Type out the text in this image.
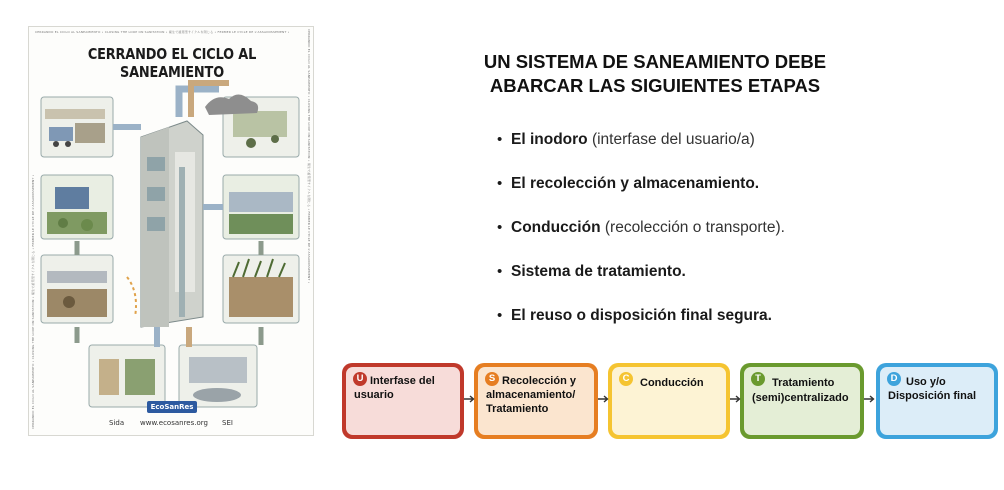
CERRANDO EL CICLO AL SANEAMIENTO • CLOSING THE LOOP ON SANITATION • 衛生で循環型サイクルを閉じる • FERMER LE CYCLE DE L'ASSAINISSEMENT •
CERRANDO EL CICLO AL SANEAMIENTO • CLOSING THE LOOP ON SANITATION • 衛生で循環型サイクルを閉じる • FERMER LE CYCLE DE L'ASSAINISSEMENT •
CERRANDO EL CICLO AL SANEAMIENTO • CLOSING THE LOOP ON SANITATION • 衛生で循環型サイクルを閉じる • FERMER LE CYCLE DE L'ASSAINISSEMENT •
CERRANDO EL CICLO AL SANEAMIENTO
EcoSanRes
Sida www.ecosanres.org SEI
UN SISTEMA DE SANEAMIENTO DEBE
ABARCAR LAS SIGUIENTES ETAPAS
• El inodoro (interfase del usuario/a)
• El recolección y almacenamiento.
• Conducción (recolección o transporte).
• Sistema de tratamiento.
• El reuso o disposición final segura.
U Interfase del
usuario
S Recolección y
almacenamiento/
Tratamiento
C Conducción	T	Tratamiento
(semi)centralizado
D Uso y/o
Disposición final
